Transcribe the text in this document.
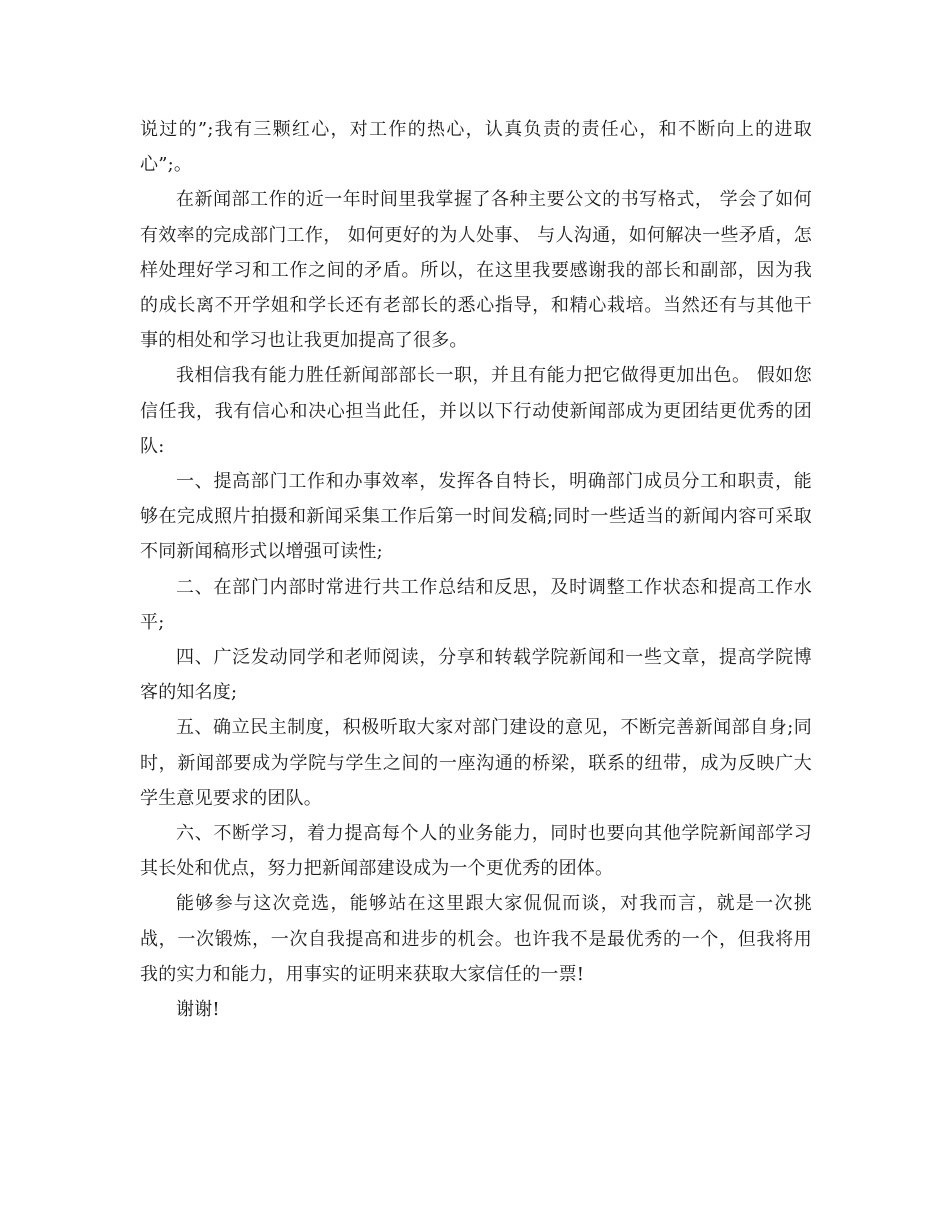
说过的”;我有三颗红心，对工作的热心，认真负责的责任心，和不断向上的进取心”;。

在新闻部工作的近一年时间里我掌握了各种主要公文的书写格式， 学会了如何有效率的完成部门工作， 如何更好的为人处事、 与人沟通，如何解决一些矛盾，怎样处理好学习和工作之间的矛盾。所以，在这里我要感谢我的部长和副部，因为我的成长离不开学姐和学长还有老部长的悉心指导，和精心栽培。当然还有与其他干事的相处和学习也让我更加提高了很多。

我相信我有能力胜任新闻部部长一职，并且有能力把它做得更加出色。 假如您信任我，我有信心和决心担当此任，并以以下行动使新闻部成为更团结更优秀的团队:

一、提高部门工作和办事效率，发挥各自特长，明确部门成员分工和职责，能够在完成照片拍摄和新闻采集工作后第一时间发稿;同时一些适当的新闻内容可采取不同新闻稿形式以增强可读性;

二、在部门内部时常进行共工作总结和反思，及时调整工作状态和提高工作水平;

四、广泛发动同学和老师阅读，分享和转载学院新闻和一些文章，提高学院博客的知名度;

五、确立民主制度，积极听取大家对部门建设的意见，不断完善新闻部自身;同时，新闻部要成为学院与学生之间的一座沟通的桥梁，联系的纽带，成为反映广大学生意见要求的团队。

六、不断学习，着力提高每个人的业务能力，同时也要向其他学院新闻部学习其长处和优点，努力把新闻部建设成为一个更优秀的团体。

能够参与这次竞选，能够站在这里跟大家侃侃而谈，对我而言，就是一次挑战，一次锻炼，一次自我提高和进步的机会。也许我不是最优秀的一个，但我将用我的实力和能力，用事实的证明来获取大家信任的一票!

谢谢!
